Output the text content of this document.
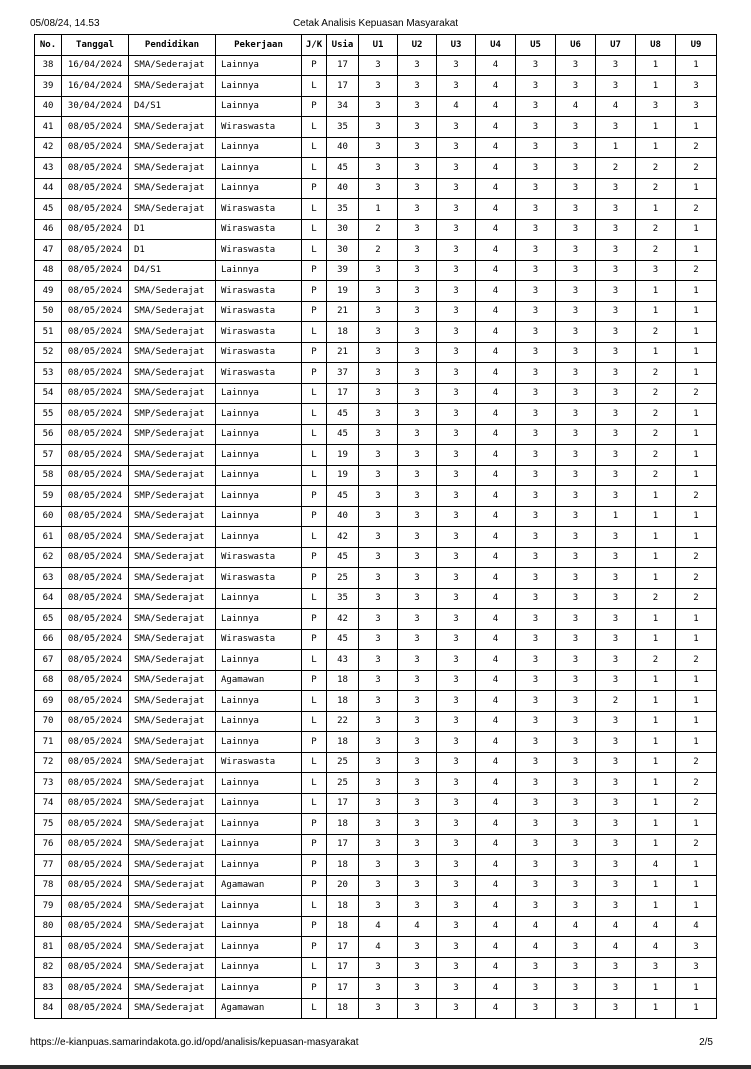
05/08/24, 14.53	Cetak Analisis Kepuasan Masyarakat
No.	Tanggal	Pendidikan	Pekerjaan	J/K	Usia	U1	U2	U3	U4	U5	U6	U7	U8	U9
38	16/04/2024	SMA/Sederajat	Lainnya	P	17	3	3	3	4	3	3	3	1	1
39	16/04/2024	SMA/Sederajat	Lainnya	L	17	3	3	3	4	3	3	3	1	3
40	30/04/2024	D4/S1	Lainnya	P	34	3	3	4	4	3	4	4	3	3
41	08/05/2024	SMA/Sederajat	Wiraswasta	L	35	3	3	3	4	3	3	3	1	1
42	08/05/2024	SMA/Sederajat	Lainnya	L	40	3	3	3	4	3	3	1	1	2
43	08/05/2024	SMA/Sederajat	Lainnya	L	45	3	3	3	4	3	3	2	2	2
44	08/05/2024	SMA/Sederajat	Lainnya	P	40	3	3	3	4	3	3	3	2	1
45	08/05/2024	SMA/Sederajat	Wiraswasta	L	35	1	3	3	4	3	3	3	1	2
46	08/05/2024	D1	Wiraswasta	L	30	2	3	3	4	3	3	3	2	1
47	08/05/2024	D1	Wiraswasta	L	30	2	3	3	4	3	3	3	2	1
48	08/05/2024	D4/S1	Lainnya	P	39	3	3	3	4	3	3	3	3	2
49	08/05/2024	SMA/Sederajat	Wiraswasta	P	19	3	3	3	4	3	3	3	1	1
50	08/05/2024	SMA/Sederajat	Wiraswasta	P	21	3	3	3	4	3	3	3	1	1
51	08/05/2024	SMA/Sederajat	Wiraswasta	L	18	3	3	3	4	3	3	3	2	1
52	08/05/2024	SMA/Sederajat	Wiraswasta	P	21	3	3	3	4	3	3	3	1	1
53	08/05/2024	SMA/Sederajat	Wiraswasta	P	37	3	3	3	4	3	3	3	2	1
54	08/05/2024	SMA/Sederajat	Lainnya	L	17	3	3	3	4	3	3	3	2	2
55	08/05/2024	SMP/Sederajat	Lainnya	L	45	3	3	3	4	3	3	3	2	1
56	08/05/2024	SMP/Sederajat	Lainnya	L	45	3	3	3	4	3	3	3	2	1
57	08/05/2024	SMA/Sederajat	Lainnya	L	19	3	3	3	4	3	3	3	2	1
58	08/05/2024	SMA/Sederajat	Lainnya	L	19	3	3	3	4	3	3	3	2	1
59	08/05/2024	SMP/Sederajat	Lainnya	P	45	3	3	3	4	3	3	3	1	2
60	08/05/2024	SMA/Sederajat	Lainnya	P	40	3	3	3	4	3	3	1	1	1
61	08/05/2024	SMA/Sederajat	Lainnya	L	42	3	3	3	4	3	3	3	1	1
62	08/05/2024	SMA/Sederajat	Wiraswasta	P	45	3	3	3	4	3	3	3	1	2
63	08/05/2024	SMA/Sederajat	Wiraswasta	P	25	3	3	3	4	3	3	3	1	2
64	08/05/2024	SMA/Sederajat	Lainnya	L	35	3	3	3	4	3	3	3	2	2
65	08/05/2024	SMA/Sederajat	Lainnya	P	42	3	3	3	4	3	3	3	1	1
66	08/05/2024	SMA/Sederajat	Wiraswasta	P	45	3	3	3	4	3	3	3	1	1
67	08/05/2024	SMA/Sederajat	Lainnya	L	43	3	3	3	4	3	3	3	2	2
68	08/05/2024	SMA/Sederajat	Agamawan	P	18	3	3	3	4	3	3	3	1	1
69	08/05/2024	SMA/Sederajat	Lainnya	L	18	3	3	3	4	3	3	2	1	1
70	08/05/2024	SMA/Sederajat	Lainnya	L	22	3	3	3	4	3	3	3	1	1
71	08/05/2024	SMA/Sederajat	Lainnya	P	18	3	3	3	4	3	3	3	1	1
72	08/05/2024	SMA/Sederajat	Wiraswasta	L	25	3	3	3	4	3	3	3	1	2
73	08/05/2024	SMA/Sederajat	Lainnya	L	25	3	3	3	4	3	3	3	1	2
74	08/05/2024	SMA/Sederajat	Lainnya	L	17	3	3	3	4	3	3	3	1	2
75	08/05/2024	SMA/Sederajat	Lainnya	P	18	3	3	3	4	3	3	3	1	1
76	08/05/2024	SMA/Sederajat	Lainnya	P	17	3	3	3	4	3	3	3	1	2
77	08/05/2024	SMA/Sederajat	Lainnya	P	18	3	3	3	4	3	3	3	4	1
78	08/05/2024	SMA/Sederajat	Agamawan	P	20	3	3	3	4	3	3	3	1	1
79	08/05/2024	SMA/Sederajat	Lainnya	L	18	3	3	3	4	3	3	3	1	1
80	08/05/2024	SMA/Sederajat	Lainnya	P	18	4	4	3	4	4	4	4	4	4
81	08/05/2024	SMA/Sederajat	Lainnya	P	17	4	3	3	4	4	3	4	4	3
82	08/05/2024	SMA/Sederajat	Lainnya	L	17	3	3	3	4	3	3	3	3	3
83	08/05/2024	SMA/Sederajat	Lainnya	P	17	3	3	3	4	3	3	3	1	1
84	08/05/2024	SMA/Sederajat	Agamawan	L	18	3	3	3	4	3	3	3	1	1
https://e-kianpuas.samarindakota.go.id/opd/analisis/kepuasan-masyarakat	2/5
